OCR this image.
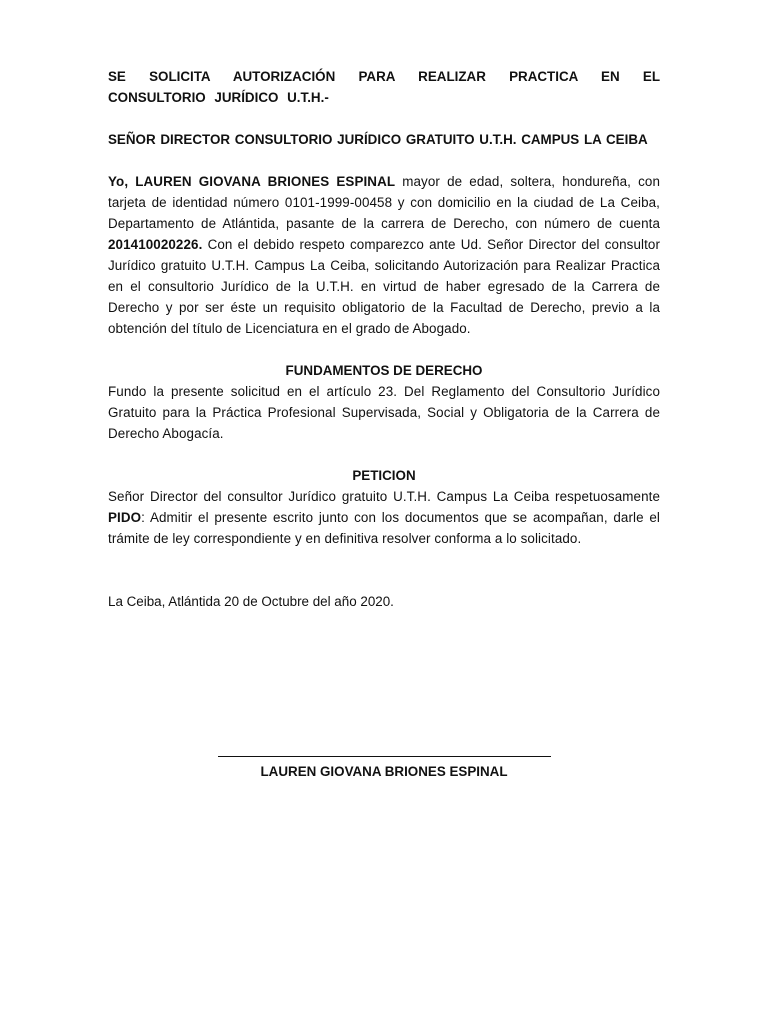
SE SOLICITA AUTORIZACIÓN PARA REALIZAR PRACTICA EN EL CONSULTORIO JURÍDICO U.T.H.-
SEÑOR DIRECTOR CONSULTORIO JURÍDICO GRATUITO U.T.H. CAMPUS LA CEIBA
Yo, LAUREN GIOVANA BRIONES ESPINAL mayor de edad, soltera, hondureña, con tarjeta de identidad número 0101-1999-00458 y con domicilio en la ciudad de La Ceiba, Departamento de Atlántida, pasante de la carrera de Derecho, con número de cuenta 201410020226. Con el debido respeto comparezco ante Ud. Señor Director del consultor Jurídico gratuito U.T.H. Campus La Ceiba, solicitando Autorización para Realizar Practica en el consultorio Jurídico de la U.T.H. en virtud de haber egresado de la Carrera de Derecho y por ser éste un requisito obligatorio de la Facultad de Derecho, previo a la obtención del título de Licenciatura en el grado de Abogado.
FUNDAMENTOS DE DERECHO
Fundo la presente solicitud en el artículo 23. Del Reglamento del Consultorio Jurídico Gratuito para la Práctica Profesional Supervisada, Social y Obligatoria de la Carrera de Derecho Abogacía.
PETICION
Señor Director del consultor Jurídico gratuito U.T.H. Campus La Ceiba respetuosamente PIDO: Admitir el presente escrito junto con los documentos que se acompañan, darle el trámite de ley correspondiente y en definitiva resolver conforma a lo solicitado.
La Ceiba, Atlántida 20 de Octubre del año 2020.
LAUREN GIOVANA BRIONES ESPINAL
